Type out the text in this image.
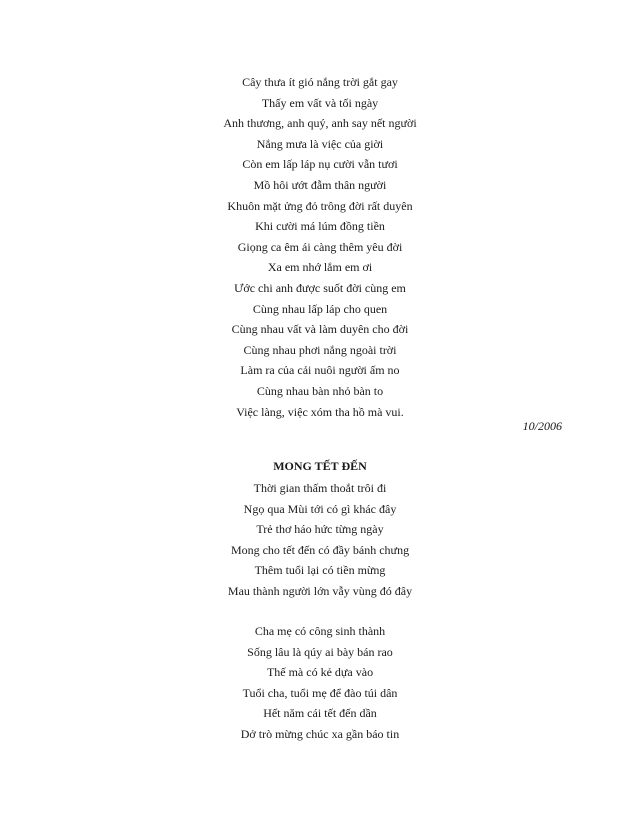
Cây thưa ít gió nắng trời gắt gay
Thấy em vất và tối ngày
Anh thương, anh quý, anh say nết người
Nắng mưa là việc của giời
Còn em lấp láp nụ cười vẫn tươi
Mồ hôi ướt đẫm thân người
Khuôn mặt ửng đỏ trông đời rất duyên
Khi cười má lúm đồng tiền
Giọng ca êm ái càng thêm yêu đời
Xa em nhớ lắm em ơi
Ước chi anh được suốt đời cùng em
Cùng nhau lấp láp cho quen
Cùng nhau vất và làm duyên cho đời
Cùng nhau phơi nắng ngoài trời
Làm ra của cải nuôi người ấm no
Cùng nhau bàn nhỏ bàn to
Việc làng, việc xóm tha hồ mà vui.
10/2006
MONG TẾT ĐẾN
Thời gian thấm thoắt trôi đi
Ngọ qua Mùi tới có gì khác đây
Trẻ thơ háo hức từng ngày
Mong cho tết đến có đầy bánh chưng
Thêm tuổi lại có tiền mừng
Mau thành người lớn vẫy vùng đó đây
Cha mẹ có công sinh thành
Sống lâu là qúy ai bày bán rao
Thế mà có kẻ dựa vào
Tuổi cha, tuổi mẹ để đào túi dân
Hết năm cái tết đến dần
Dở trò mừng chúc xa gần báo tin
